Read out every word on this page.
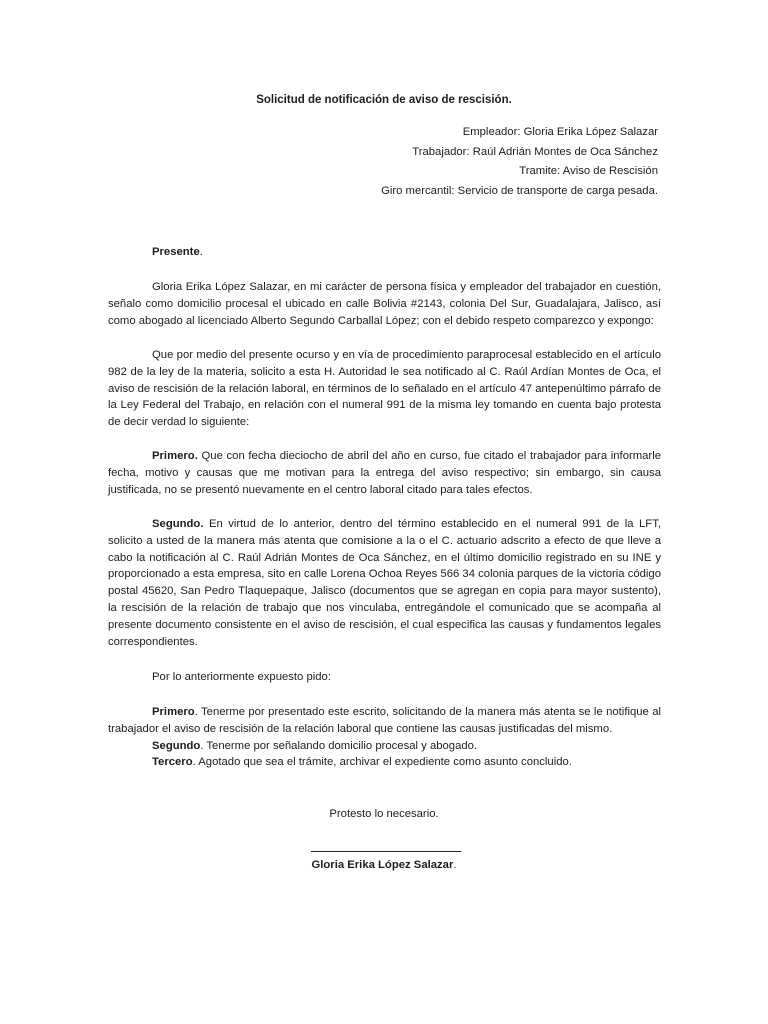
Solicitud de notificación de aviso de rescisión.
Empleador: Gloria Erika López Salazar
Trabajador: Raúl Adrián Montes de Oca Sánchez
Tramite: Aviso de Rescisión
Giro mercantil: Servicio de transporte de carga pesada.

Presente.

Gloria Erika López Salazar, en mi carácter de persona física y empleador del trabajador en cuestión, señalo como domicilio procesal el ubicado en calle Bolivia #2143, colonia Del Sur, Guadalajara, Jalisco, así como abogado al licenciado Alberto Segundo Carballal López; con el debido respeto comparezco y expongo:

Que por medio del presente ocurso y en vía de procedimiento paraprocesal establecido en el artículo 982 de la ley de la materia, solicito a esta H. Autoridad le sea notificado al C. Raúl Ardían Montes de Oca, el aviso de rescisión de la relación laboral, en términos de lo señalado en el artículo 47 antepenúltimo párrafo de la Ley Federal del Trabajo, en relación con el numeral 991 de la misma ley tomando en cuenta bajo protesta de decir verdad lo siguiente:

Primero. Que con fecha dieciocho de abril del año en curso, fue citado el trabajador para informarle fecha, motivo y causas que me motivan para la entrega del aviso respectivo; sin embargo, sin causa justificada, no se presentó nuevamente en el centro laboral citado para tales efectos.

Segundo. En virtud de lo anterior, dentro del término establecido en el numeral 991 de la LFT, solicito a usted de la manera más atenta que comisione a la o el C. actuario adscrito a efecto de que lleve a cabo la notificación al C. Raúl Adrián Montes de Oca Sánchez, en el último domicilio registrado en su INE y proporcionado a esta empresa, sito en calle Lorena Ochoa Reyes 566 34 colonia parques de la victoria código postal 45620, San Pedro Tlaquepaque, Jalisco (documentos que se agregan en copia para mayor sustento), la rescisión de la relación de trabajo que nos vinculaba, entregándole el comunicado que se acompaña al presente documento consistente en el aviso de rescisión, el cual especifica las causas y fundamentos legales correspondientes.

Por lo anteriormente expuesto pido:

Primero. Tenerme por presentado este escrito, solicitando de la manera más atenta se le notifique al trabajador el aviso de rescisión de la relación laboral que contiene las causas justificadas del mismo.

Segundo. Tenerme por señalando domicilio procesal y abogado.

Tercero. Agotado que sea el trámite, archivar el expediente como asunto concluido.

Protesto lo necesario.
Gloria Erika López Salazar.
